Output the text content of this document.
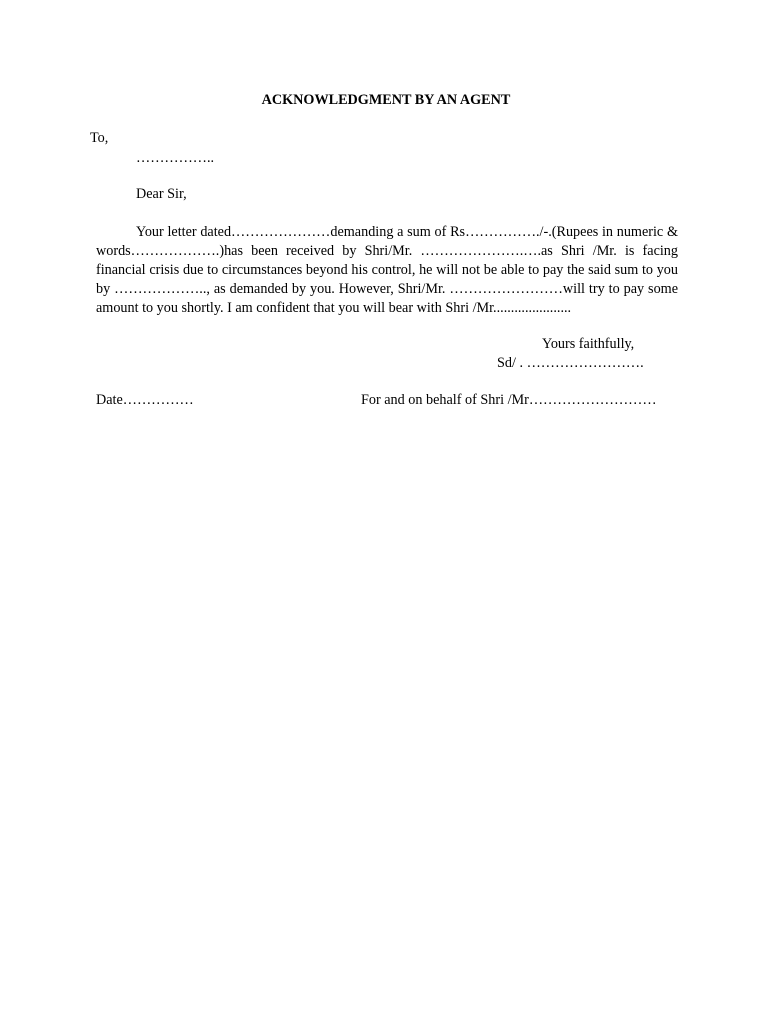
ACKNOWLEDGMENT BY AN AGENT
To,
……………..
Dear Sir,

Your letter dated…………………demanding a sum of Rs……………./-.(Rupees in numeric & words……………….)has been received by Shri/Mr. ………………….….as Shri /Mr. is facing financial crisis due to circumstances beyond his control, he will not be able to pay the said sum to you by ……………….., as demanded by you. However, Shri/Mr. ……………………will try to pay some amount to you shortly. I am confident that you will bear with Shri /Mr......................

Yours faithfully,
Sd/ . …………………….
Date……………	For and on behalf of Shri /Mr………………………
